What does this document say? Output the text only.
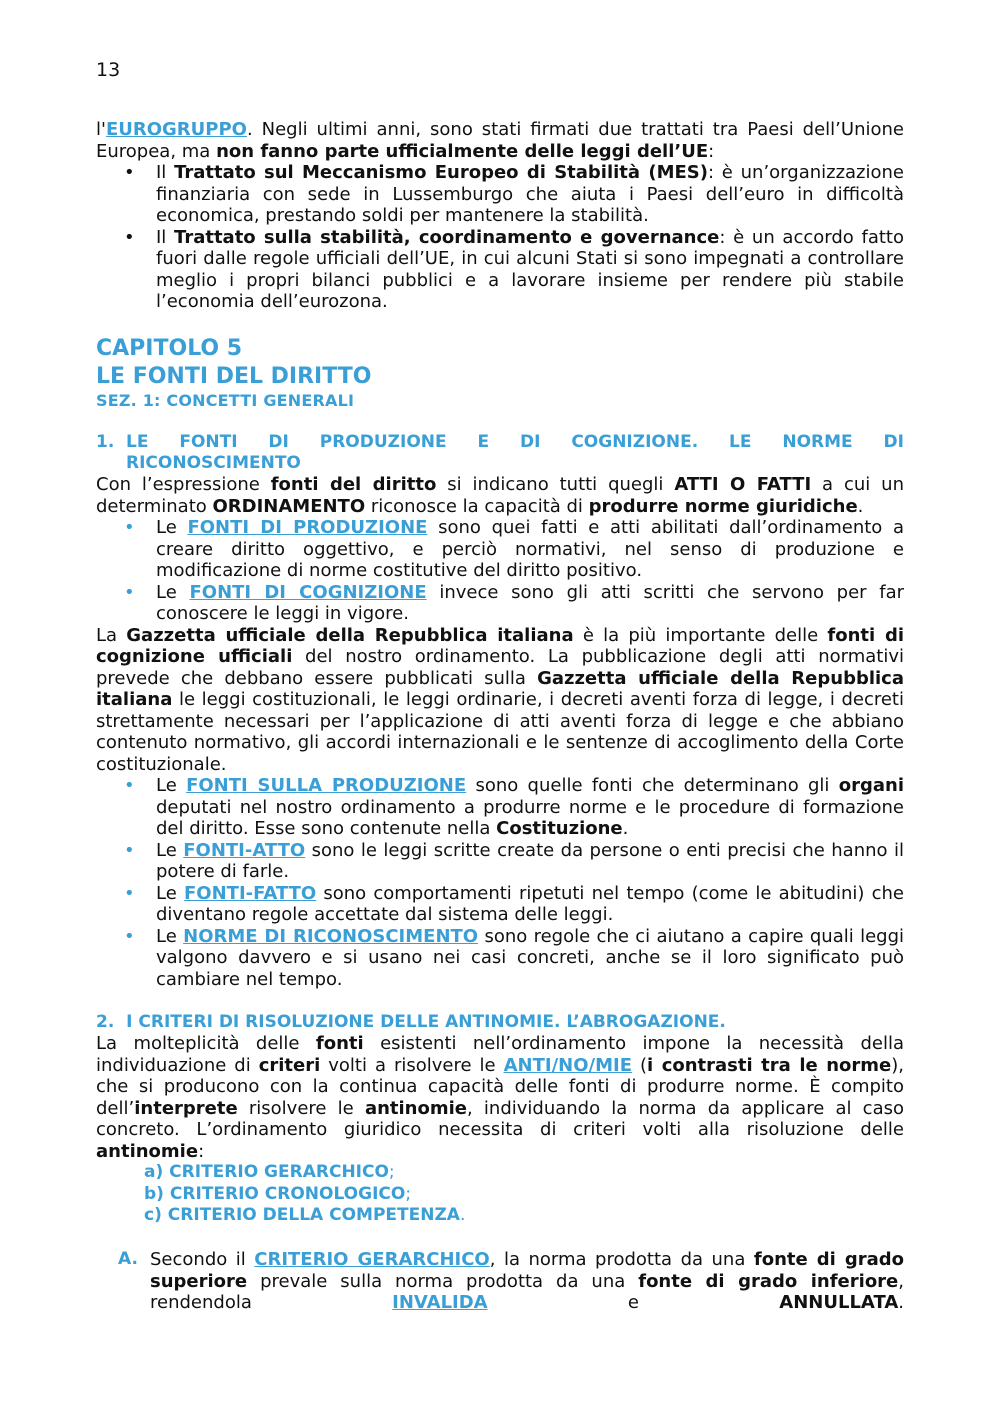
13

l'EUROGRUPPO. Negli ultimi anni, sono stati firmati due trattati tra Paesi dell’Unione Europea, ma non fanno parte ufficialmente delle leggi dell’UE:

• Il Trattato sul Meccanismo Europeo di Stabilità (MES): è un’organizzazione finanziaria con sede in Lussemburgo che aiuta i Paesi dell’euro in difficoltà economica, prestando soldi per mantenere la stabilità.
• Il Trattato sulla stabilità, coordinamento e governance: è un accordo fatto fuori dalle regole ufficiali dell’UE, in cui alcuni Stati si sono impegnati a controllare meglio i propri bilanci pubblici e a lavorare insieme per rendere più stabile l’economia dell’eurozona.
CAPITOLO 5
LE FONTI DEL DIRITTO
SEZ. 1: CONCETTI GENERALI
1. LE FONTI DI PRODUZIONE E DI COGNIZIONE. LE NORME DI
RICONOSCIMENTO

Con l’espressione fonti del diritto si indicano tutti quegli ATTI O FATTI a cui un determinato ORDINAMENTO riconosce la capacità di produrre norme giuridiche.

• Le FONTI DI PRODUZIONE sono quei fatti e atti abilitati dall’ordinamento a creare diritto oggettivo, e perciò normativi, nel senso di produzione e modificazione di norme costitutive del diritto positivo.
• Le FONTI DI COGNIZIONE invece sono gli atti scritti che servono per far conoscere le leggi in vigore.

La Gazzetta ufficiale della Repubblica italiana è la più importante delle fonti di cognizione ufficiali del nostro ordinamento. La pubblicazione degli atti normativi prevede che debbano essere pubblicati sulla Gazzetta ufficiale della Repubblica italiana le leggi costituzionali, le leggi ordinarie, i decreti aventi forza di legge, i decreti strettamente necessari per l’applicazione di atti aventi forza di legge e che abbiano contenuto normativo, gli accordi internazionali e le sentenze di accoglimento della Corte costituzionale.

• Le FONTI SULLA PRODUZIONE sono quelle fonti che determinano gli organi deputati nel nostro ordinamento a produrre norme e le procedure di formazione del diritto. Esse sono contenute nella Costituzione.
• Le FONTI-ATTO sono le leggi scritte create da persone o enti precisi che hanno il potere di farle.
• Le FONTI-FATTO sono comportamenti ripetuti nel tempo (come le abitudini) che diventano regole accettate dal sistema delle leggi.
• Le NORME DI RICONOSCIMENTO sono regole che ci aiutano a capire quali leggi valgono davvero e si usano nei casi concreti, anche se il loro significato può cambiare nel tempo.
2. I CRITERI DI RISOLUZIONE DELLE ANTINOMIE. L’ABROGAZIONE.

La molteplicità delle fonti esistenti nell’ordinamento impone la necessità della individuazione di criteri volti a risolvere le ANTI/NO/MIE (i contrasti tra le norme), che si producono con la continua capacità delle fonti di produrre norme. È compito dell’interprete risolvere le antinomie, individuando la norma da applicare al caso concreto. L’ordinamento giuridico necessita di criteri volti alla risoluzione delle antinomie:

a) CRITERIO GERARCHICO;
b) CRITERIO CRONOLOGICO;
c) CRITERIO DELLA COMPETENZA.
A. Secondo il CRITERIO GERARCHICO, la norma prodotta da una fonte di grado superiore prevale sulla norma prodotta da una fonte di grado inferiore, rendendola INVALIDA e ANNULLATA.
